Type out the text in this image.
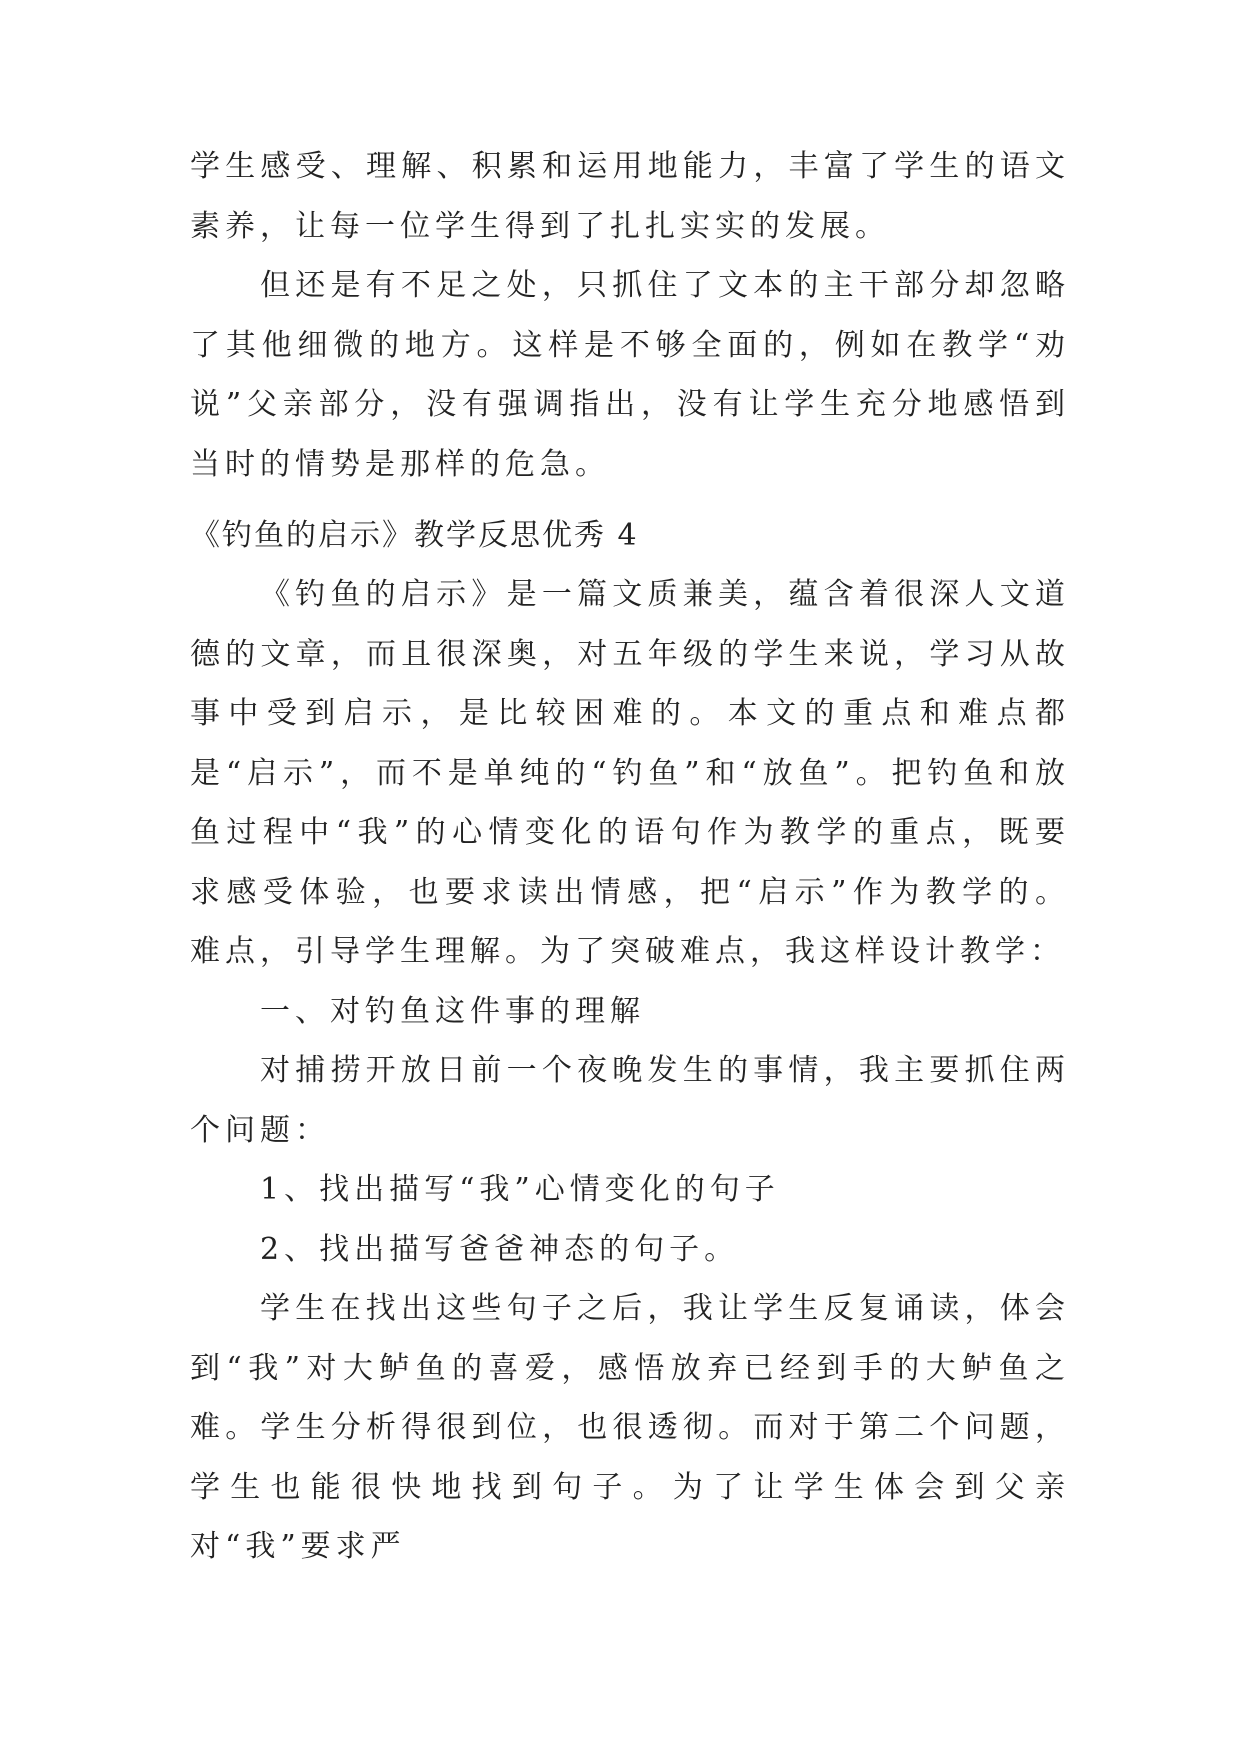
学生感受、理解、积累和运用地能力，丰富了学生的语文素养，让每一位学生得到了扎扎实实的发展。

但还是有不足之处，只抓住了文本的主干部分却忽略了其他细微的地方。这样是不够全面的，例如在教学“劝说”父亲部分，没有强调指出，没有让学生充分地感悟到当时的情势是那样的危急。

《钓鱼的启示》教学反思优秀 4

《钓鱼的启示》是一篇文质兼美，蕴含着很深人文道德的文章，而且很深奥，对五年级的学生来说，学习从故事中受到启示，是比较困难的。本文的重点和难点都是“启示”，而不是单纯的“钓鱼”和“放鱼”。把钓鱼和放鱼过程中“我”的心情变化的语句作为教学的重点，既要求感受体验，也要求读出情感，把“启示”作为教学的。难点，引导学生理解。为了突破难点，我这样设计教学：

一、对钓鱼这件事的理解

对捕捞开放日前一个夜晚发生的事情，我主要抓住两个问题：

1、找出描写“我”心情变化的句子

2、找出描写爸爸神态的句子。

学生在找出这些句子之后，我让学生反复诵读，体会到“我”对大鲈鱼的喜爱，感悟放弃已经到手的大鲈鱼之难。学生分析得很到位，也很透彻。而对于第二个问题，学生也能很快地找到句子。为了让学生体会到父亲对“我”要求严
